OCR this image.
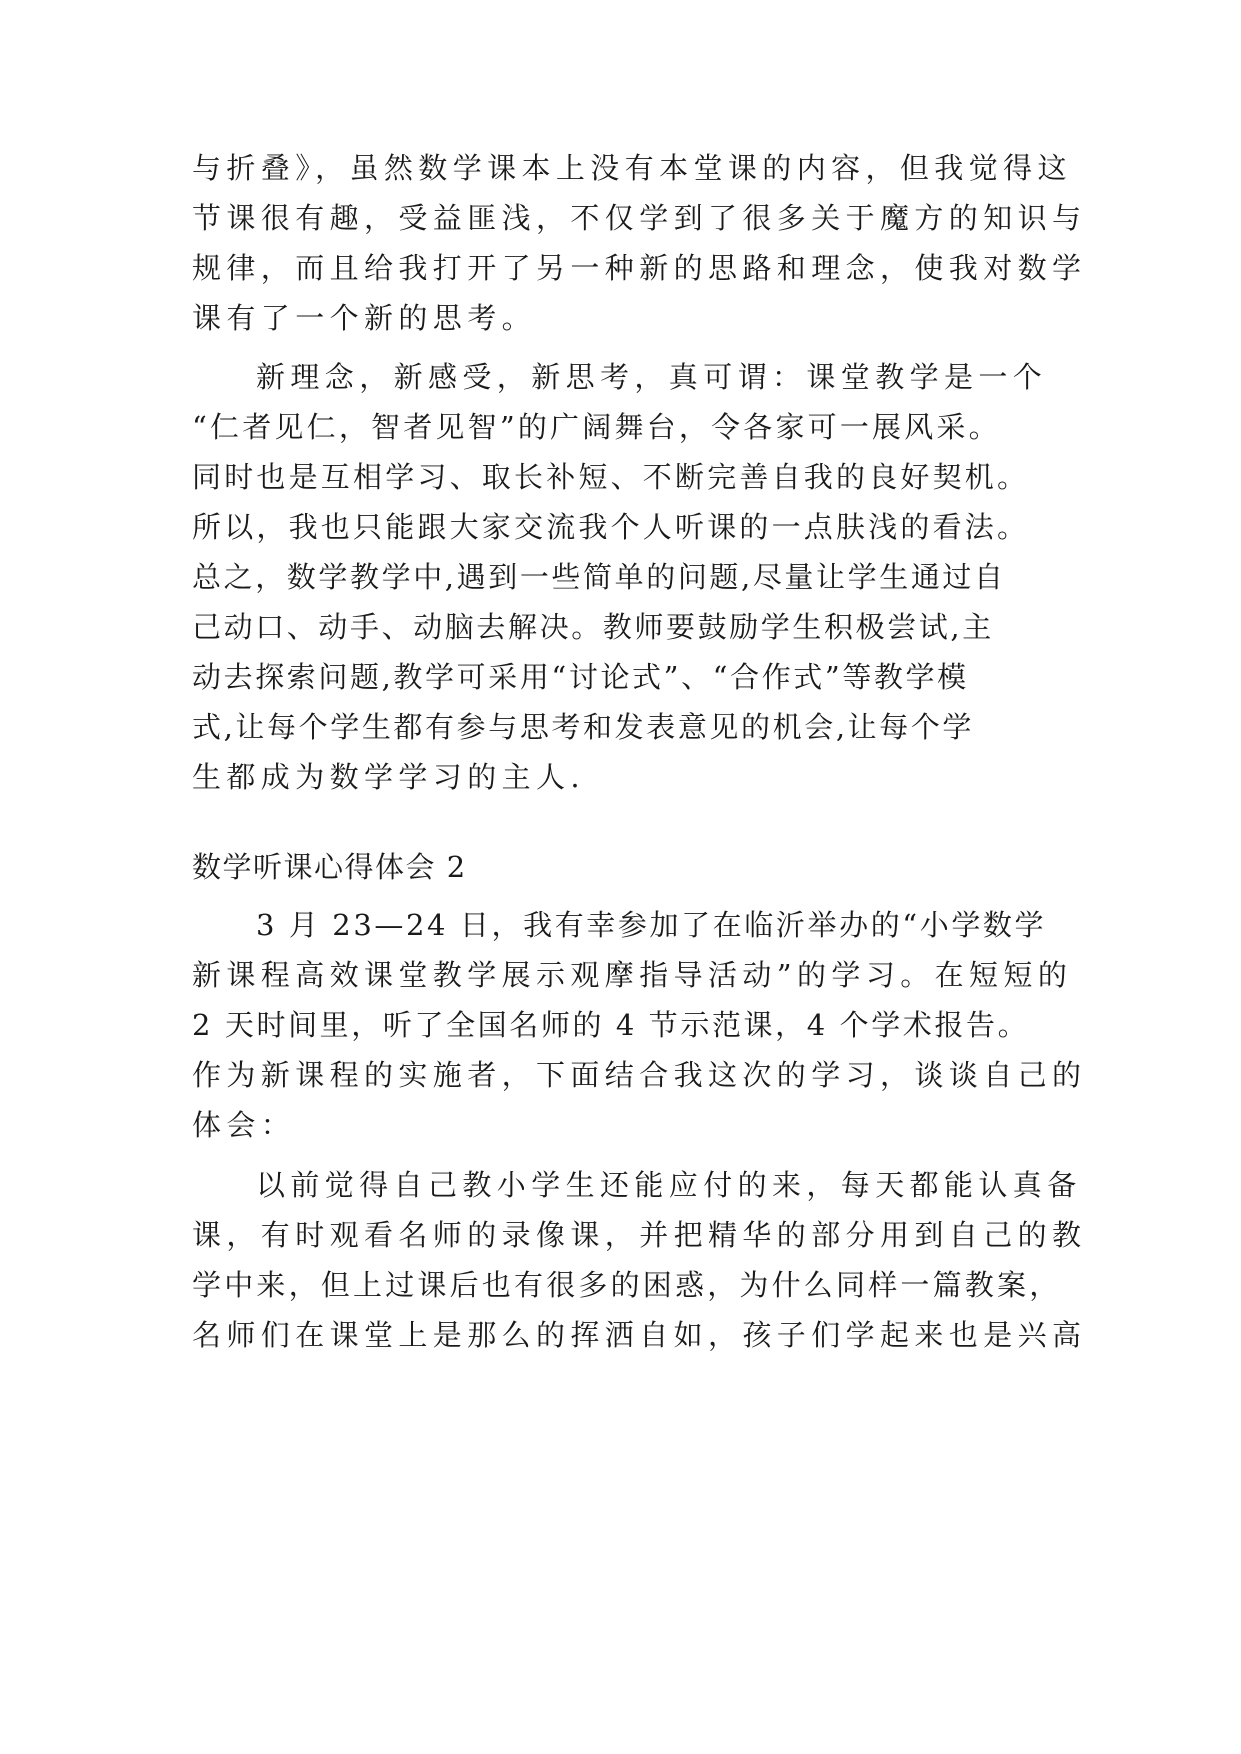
与折叠》，虽然数学课本上没有本堂课的内容，但我觉得这
节课很有趣，受益匪浅，不仅学到了很多关于魔方的知识与
规律，而且给我打开了另一种新的思路和理念，使我对数学
课有了一个新的思考。
新理念，新感受，新思考，真可谓：课堂教学是一个
“仁者见仁，智者见智”的广阔舞台，令各家可一展风采。
同时也是互相学习、取长补短、不断完善自我的良好契机。
所以，我也只能跟大家交流我个人听课的一点肤浅的看法。
总之，数学教学中,遇到一些简单的问题,尽量让学生通过自
己动口、动手、动脑去解决。教师要鼓励学生积极尝试,主
动去探索问题,教学可采用“讨论式”、“合作式”等教学模
式,让每个学生都有参与思考和发表意见的机会,让每个学
生都成为数学学习的主人.
数学听课心得体会 2
3 月 23—24 日，我有幸参加了在临沂举办的“小学数学
新课程高效课堂教学展示观摩指导活动”的学习。在短短的
2 天时间里，听了全国名师的 4 节示范课，4 个学术报告。
作为新课程的实施者，下面结合我这次的学习，谈谈自己的
体会：
以前觉得自己教小学生还能应付的来，每天都能认真备
课，有时观看名师的录像课，并把精华的部分用到自己的教
学中来，但上过课后也有很多的困惑，为什么同样一篇教案，
名师们在课堂上是那么的挥洒自如，孩子们学起来也是兴高
